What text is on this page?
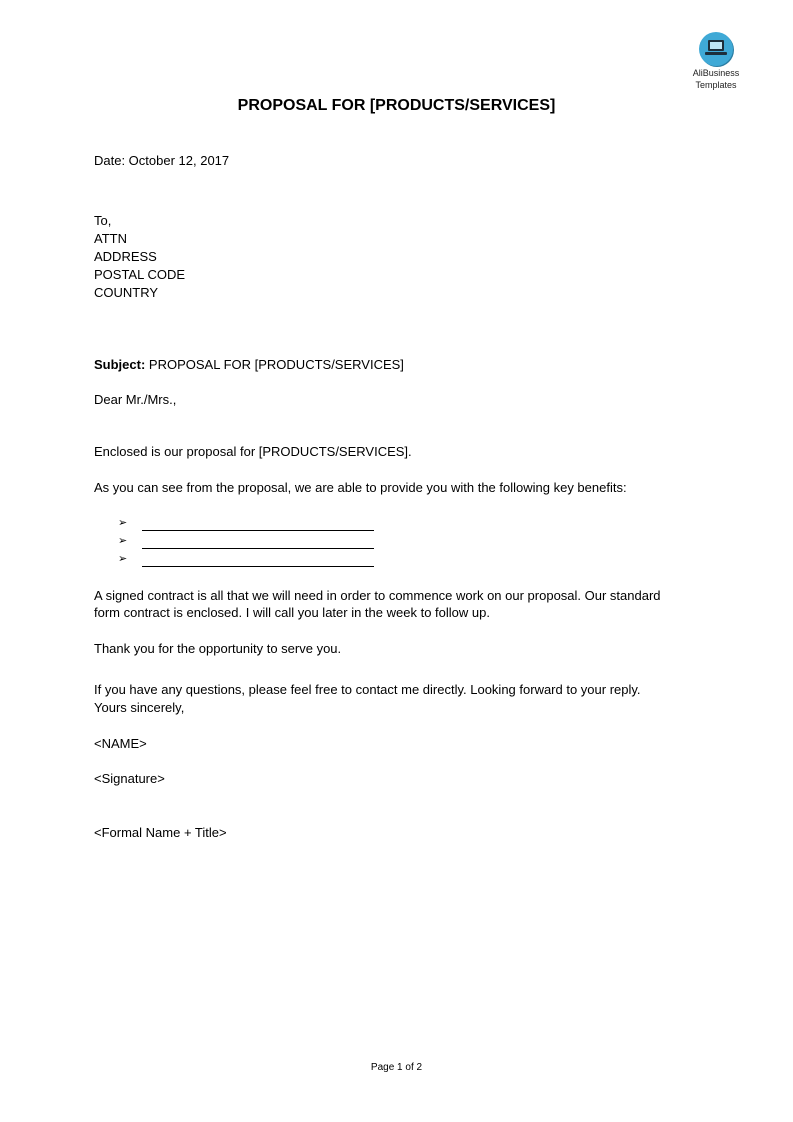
AliBusiness
Templates
PROPOSAL FOR [PRODUCTS/SERVICES]
Date: October 12, 2017
To,
ATTN
ADDRESS
POSTAL CODE
COUNTRY
Subject: PROPOSAL FOR [PRODUCTS/SERVICES]
Dear Mr./Mrs.,
Enclosed is our proposal for [PRODUCTS/SERVICES].
As you can see from the proposal, we are able to provide you with the following key benefits:
➢
➢
➢
A signed contract is all that we will need in order to commence work on our proposal. Our standard
form contract is enclosed. I will call you later in the week to follow up.
Thank you for the opportunity to serve you.
If you have any questions, please feel free to contact me directly. Looking forward to your reply.
Yours sincerely,
<NAME>
<Signature>
<Formal Name + Title>
Page 1 of 2
